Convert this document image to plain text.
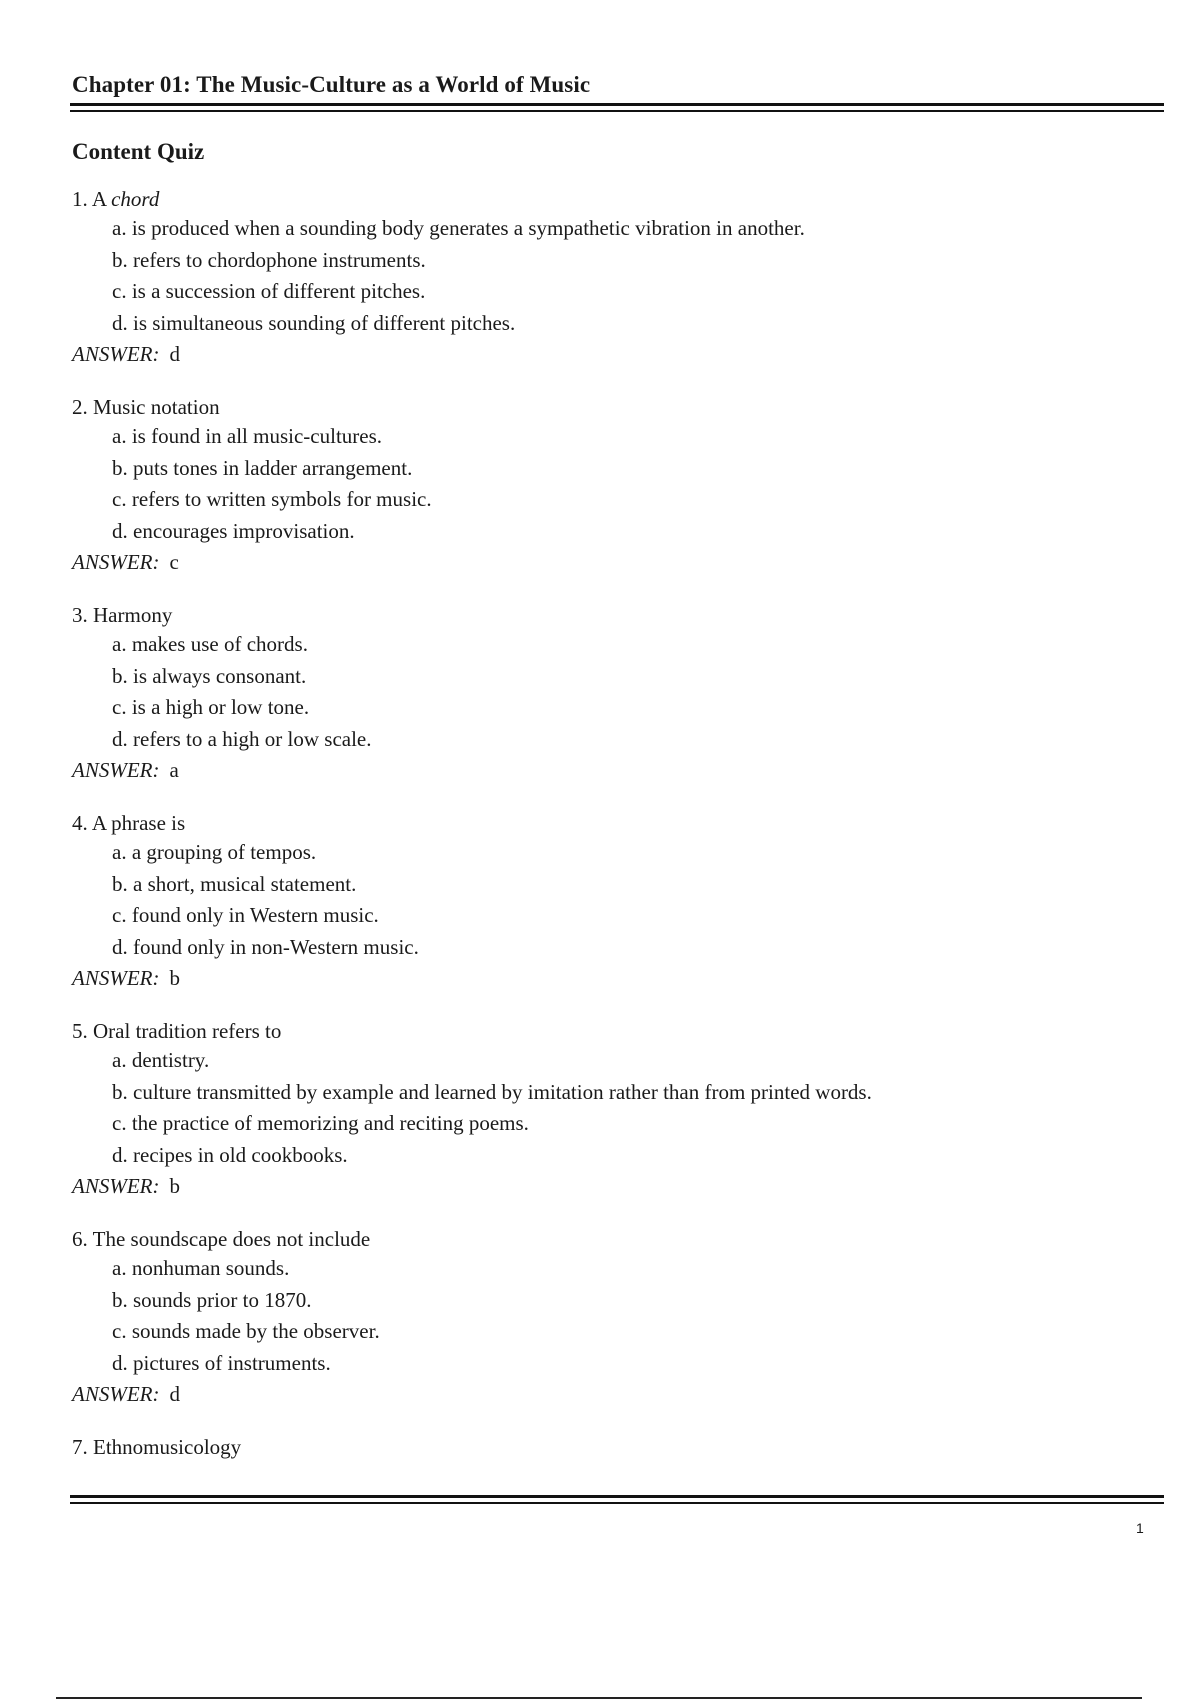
Chapter 01: The Music-Culture as a World of Music
Content Quiz
1. A chord
a. is produced when a sounding body generates a sympathetic vibration in another.
b. refers to chordophone instruments.
c. is a succession of different pitches.
d. is simultaneous sounding of different pitches.
ANSWER: d
2. Music notation
a. is found in all music-cultures.
b. puts tones in ladder arrangement.
c. refers to written symbols for music.
d. encourages improvisation.
ANSWER: c
3. Harmony
a. makes use of chords.
b. is always consonant.
c. is a high or low tone.
d. refers to a high or low scale.
ANSWER: a
4. A phrase is
a. a grouping of tempos.
b. a short, musical statement.
c. found only in Western music.
d. found only in non-Western music.
ANSWER: b
5. Oral tradition refers to
a. dentistry.
b. culture transmitted by example and learned by imitation rather than from printed words.
c. the practice of memorizing and reciting poems.
d. recipes in old cookbooks.
ANSWER: b
6. The soundscape does not include
a. nonhuman sounds.
b. sounds prior to 1870.
c. sounds made by the observer.
d. pictures of instruments.
ANSWER: d
7. Ethnomusicology
1
